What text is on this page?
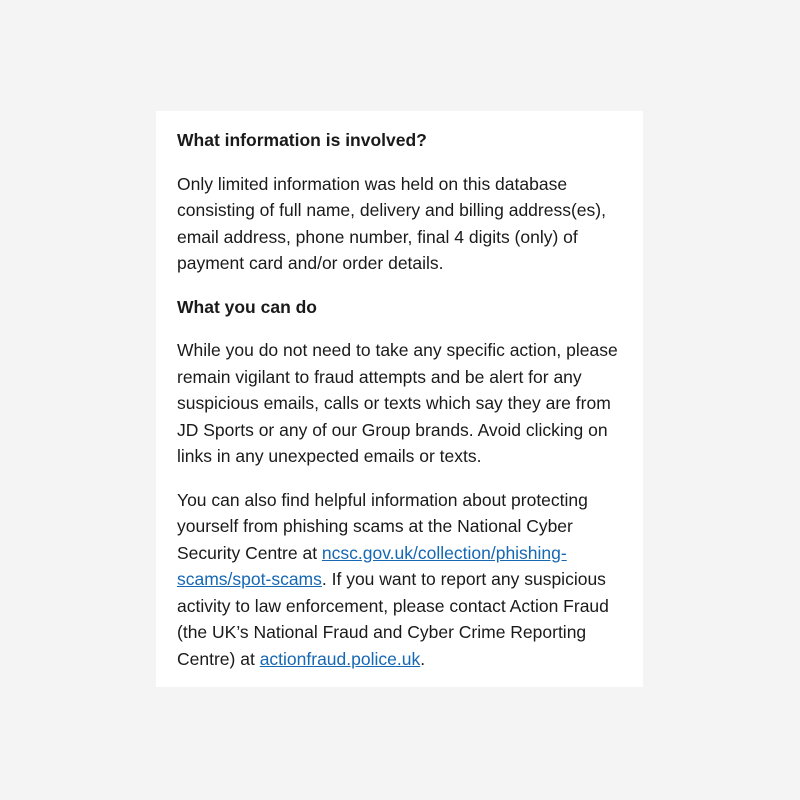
What information is involved?

Only limited information was held on this database consisting of full name, delivery and billing address(es), email address, phone number, final 4 digits (only) of payment card and/or order details.

What you can do

While you do not need to take any specific action, please remain vigilant to fraud attempts and be alert for any suspicious emails, calls or texts which say they are from JD Sports or any of our Group brands. Avoid clicking on links in any unexpected emails or texts.

You can also find helpful information about protecting yourself from phishing scams at the National Cyber Security Centre at ncsc.gov.uk/collection/phishing-scams/spot-scams. If you want to report any suspicious activity to law enforcement, please contact Action Fraud (the UK’s National Fraud and Cyber Crime Reporting Centre) at actionfraud.police.uk.
